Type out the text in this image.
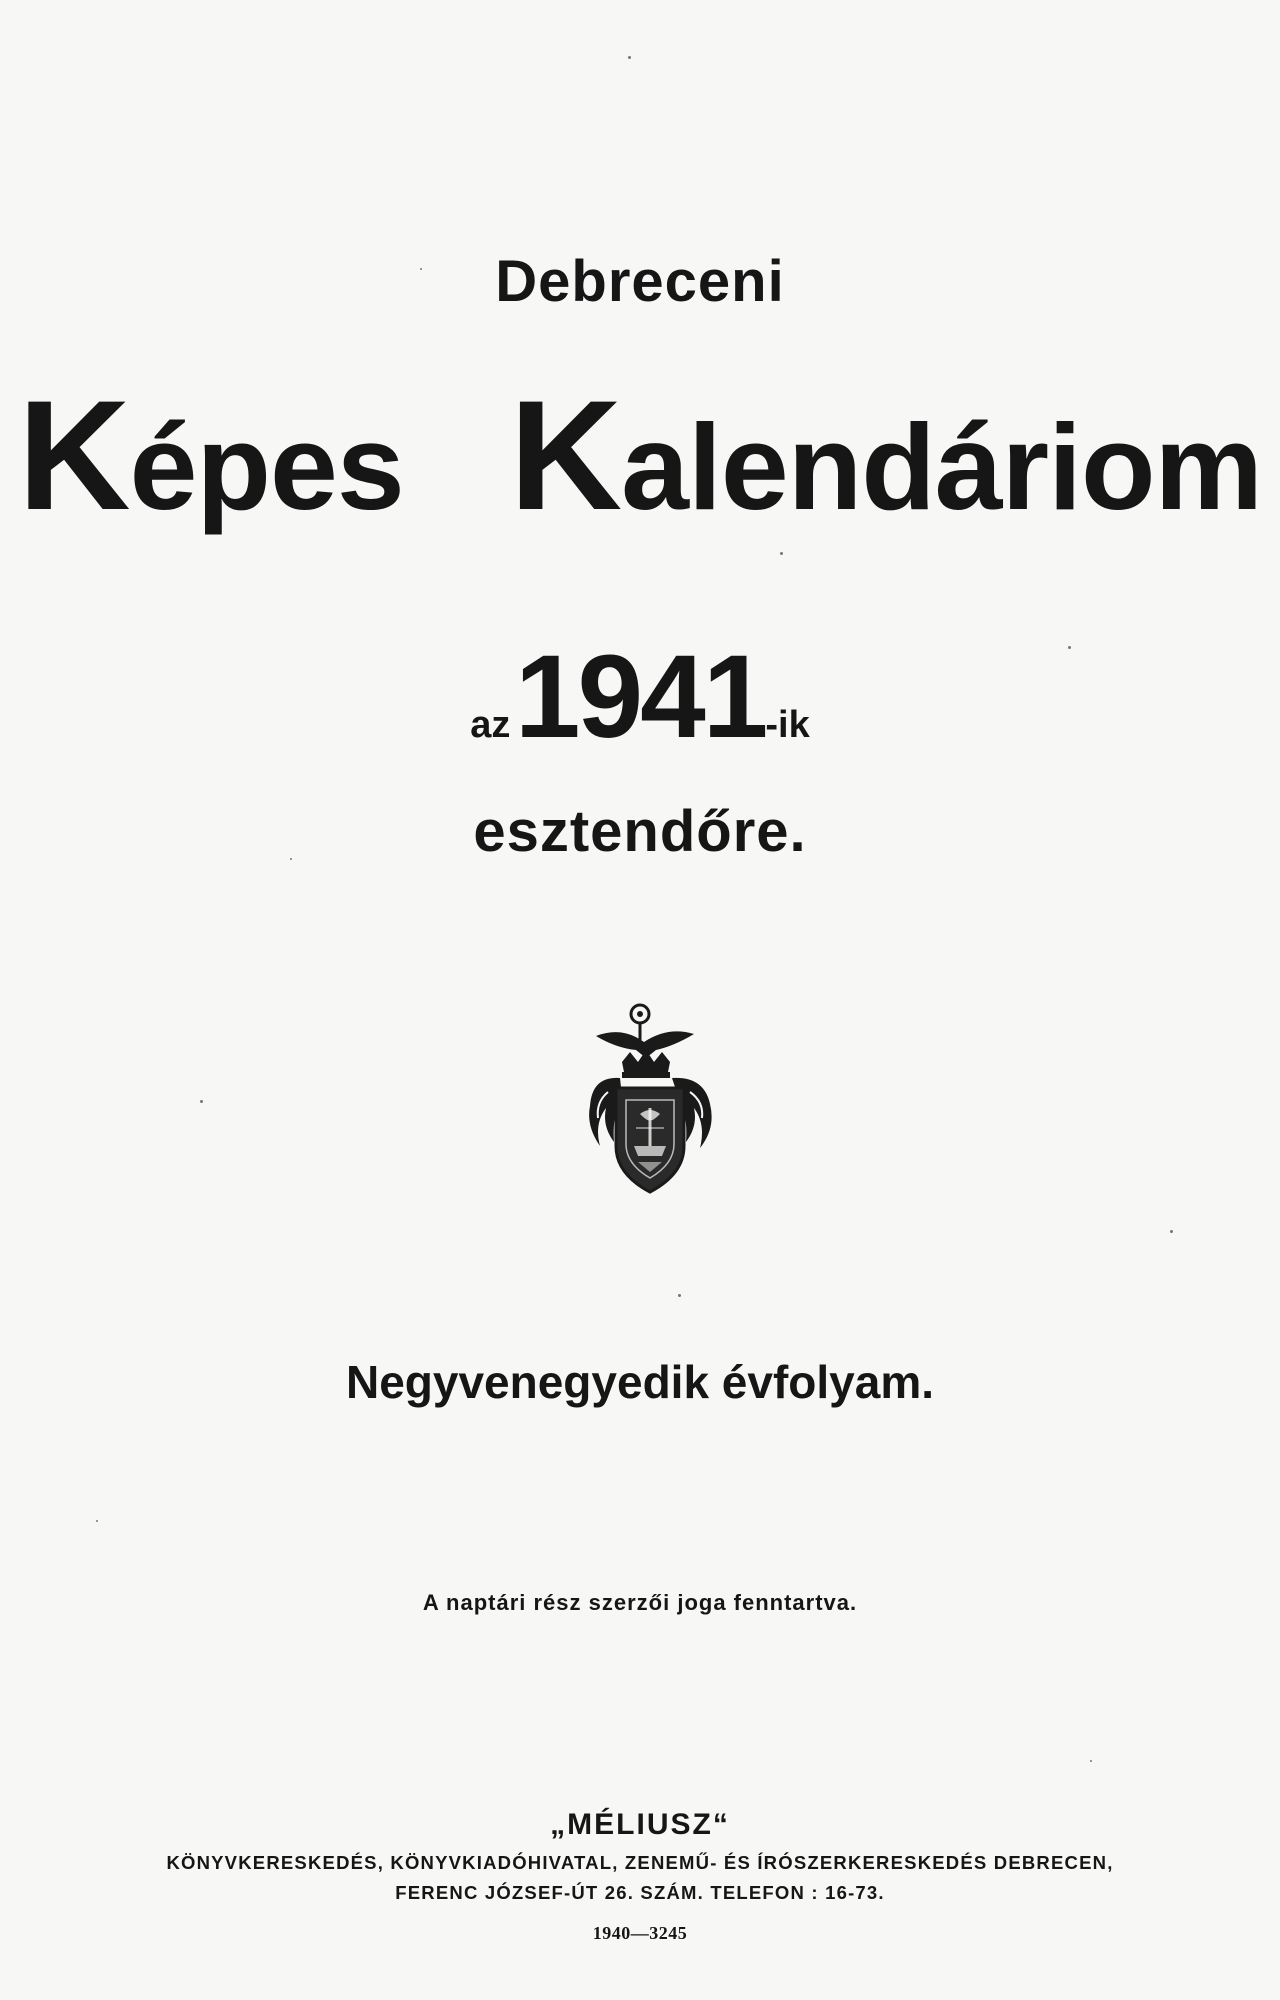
Debreceni
Képes Kalendáriom
az 1941-ik
esztendőre.
Negyvenegyedik évfolyam.
A naptári rész szerzői joga fenntartva.
„MÉLIUSZ“
KÖNYVKERESKEDÉS, KÖNYVKIADÓHIVATAL, ZENEMŰ- ÉS ÍRÓSZERKERESKEDÉS DEBRECEN,
FERENC JÓZSEF-ÚT 26. SZÁM. TELEFON : 16-73.
1940—3245
